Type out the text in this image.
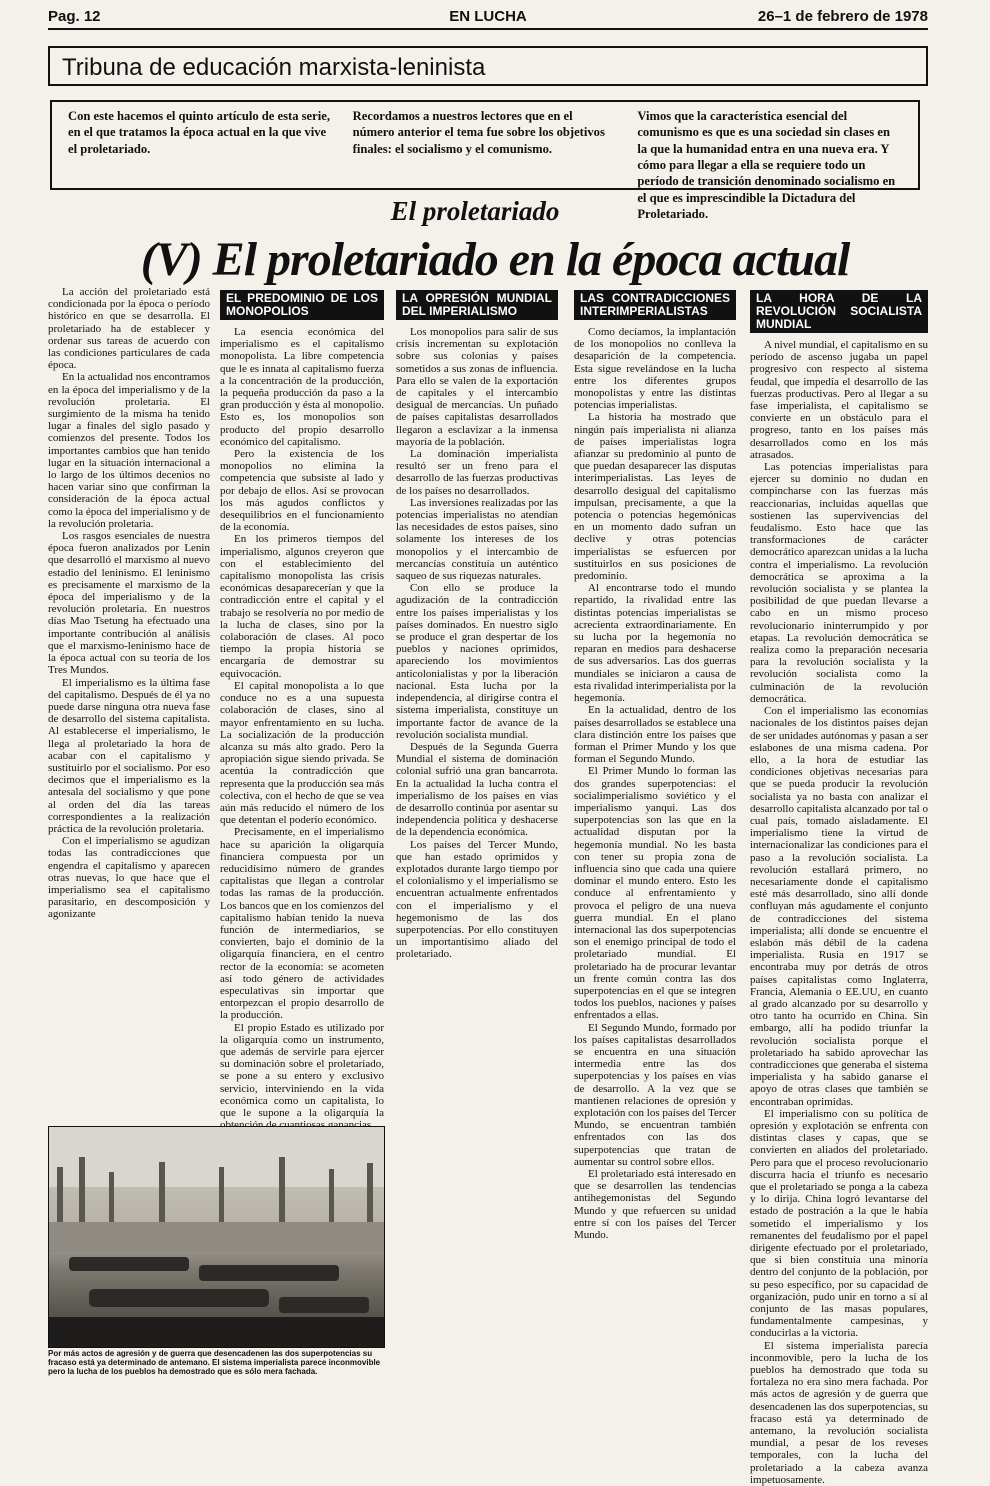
Pag. 12	EN LUCHA	26–1 de febrero de 1978
Tribuna de educación marxista-leninista

Con este hacemos el quinto artículo de esta serie, en el que tratamos la época actual en la que vive el proletariado.

Recordamos a nuestros lectores que en el número anterior el tema fue sobre los objetivos finales: el socialismo y el comunismo.

Vimos que la característica esencial del comunismo es que es una sociedad sin clases en la que la humanidad entra en una nueva era. Y cómo para llegar a ella se requiere todo un período de transición denominado socialismo en el que es imprescindible la Dictadura del Proletariado.

El proletariado
(V) El proletariado en la época actual

La acción del proletariado está condicionada por la época o período histórico en que se desarrolla. El proletariado ha de establecer y ordenar sus tareas de acuerdo con las condiciones particulares de cada época.

En la actualidad nos encontramos en la época del imperialismo y de la revolución proletaria. El surgimiento de la misma ha tenido lugar a finales del siglo pasado y comienzos del presente. Todos los importantes cambios que han tenido lugar en la situación internacional a lo largo de los últimos decenios no hacen variar sino que confirman la consideración de la época actual como la época del imperialismo y de la revolución proletaria.

Los rasgos esenciales de nuestra época fueron analizados por Lenin que desarrolló el marxismo al nuevo estadio del leninismo. El leninismo es precisamente el marxismo de la época del imperialismo y de la revolución proletaria. En nuestros días Mao Tsetung ha efectuado una importante contribución al análisis que el marxismo-leninismo hace de la época actual con su teoría de los Tres Mundos.

El imperialismo es la última fase del capitalismo. Después de él ya no puede darse ninguna otra nueva fase de desarrollo del sistema capitalista. Al establecerse el imperialismo, le llega al proletariado la hora de acabar con el capitalismo y sustituirlo por el socialismo. Por eso decimos que el imperialismo es la antesala del socialismo y que pone al orden del día las tareas correspondientes a la realización práctica de la revolución proletaria.

Con el imperialismo se agudizan todas las contradicciones que engendra el capitalismo y aparecen otras nuevas, lo que hace que el imperialismo sea el capitalismo parasitario, en descomposición y agonizante

EL PREDOMINIO DE LOS MONOPOLIOS

La esencia económica del imperialismo es el capitalismo monopolista. La libre competencia que le es innata al capitalismo fuerza a la concentración de la producción, la pequeña producción da paso a la gran producción y ésta al monopolio. Esto es, los monopolios son producto del propio desarrollo económico del capitalismo.

Pero la existencia de los monopolios no elimina la competencia que subsiste al lado y por debajo de ellos. Así se provocan los más agudos conflictos y desequilibrios en el funcionamiento de la economía.

En los primeros tiempos del imperialismo, algunos creyeron que con el establecimiento del capitalismo monopolista las crisis económicas desaparecerían y que la contradicción entre el capital y el trabajo se resolvería no por medio de la lucha de clases, sino por la colaboración de clases. Al poco tiempo la propia historia se encargaría de demostrar su equivocación.

El capital monopolista a lo que conduce no es a una supuesta colaboración de clases, sino al mayor enfrentamiento en su lucha. La socialización de la producción alcanza su más alto grado. Pero la apropiación sigue siendo privada. Se acentúa la contradicción que representa que la producción sea más colectiva, con el hecho de que se vea aún más reducido el número de los que detentan el poderío económico.

Precisamente, en el imperialismo hace su aparición la oligarquía financiera compuesta por un reducidísimo número de grandes capitalistas que llegan a controlar todas las ramas de la producción. Los bancos que en los comienzos del capitalismo habían tenido la nueva función de intermediarios, se convierten, bajo el dominio de la oligarquía financiera, en el centro rector de la economía: se acometen así todo género de actividades especulativas sin importar que entorpezcan el propio desarrollo de la producción.

El propio Estado es utilizado por la oligarquía como un instrumento, que además de servirle para ejercer su dominación sobre el proletariado, se pone a su entero y exclusivo servicio, interviniendo en la vida económica como un capitalista, lo que le supone a la oligarquía la

LA OPRESIÓN MUNDIAL DEL IMPERIALISMO

Los monopolios para salir de sus crisis incrementan su explotación sobre sus colonias y países sometidos a sus zonas de influencia. Para ello se valen de la exportación de capitales y el intercambio desigual de mercancías. Un puñado de países capitalistas desarrollados llegaron a esclavizar a la inmensa mayoría de la población.

La dominación imperialista resultó ser un freno para el desarrollo de las fuerzas productivas de los países no desarrollados.

Las inversiones realizadas por las potencias imperialistas no atendían las necesidades de estos países, sino solamente los intereses de los monopolios y el intercambio de mercancías constituía un auténtico saqueo de sus riquezas naturales.

Con ello se produce la agudización de la contradicción entre los países imperialistas y los países dominados. En nuestro siglo se produce el gran despertar de los pueblos y naciones oprimidos, apareciendo los movimientos anticolonialistas y por la liberación nacional. Esta lucha por la independencia, al dirigirse contra el sistema imperialista, constituye un importante factor de avance de la revolución socialista mundial.

Después de la Segunda Guerra Mundial el sistema de dominación colonial sufrió una gran bancarrota. En la actualidad la lucha contra el imperialismo de los países en vías de desarrollo continúa por asentar su independencia política y deshacerse de la dependencia económica.

Los países del Tercer Mundo, que han estado oprimidos y explotados durante largo tiempo por el colonialismo y el imperialismo se encuentran actualmente enfrentados con el imperialismo y el hegemonismo de las dos superpotencias. Por ello constituyen un importantísimo aliado del proletariado.

LAS CONTRADICCIONES INTERIMPERIALISTAS

Como decíamos, la implantación de los monopolios no conlleva la desaparición de la competencia. Esta sigue revelándose en la lucha entre los diferentes grupos monopolistas y entre las distintas potencias imperialistas.

La historia ha mostrado que ningún país imperialista ni alianza de países imperialistas logra afianzar su predominio al punto de que puedan desaparecer las disputas interimperialistas. Las leyes de desarrollo desigual del capitalismo impulsan, precisamente, a que la potencia o potencias hegemónicas en un momento dado sufran un declive y otras potencias imperialistas se esfuercen por sustituirlos en sus posiciones de predominio.

Al encontrarse todo el mundo repartido, la rivalidad entre las distintas potencias imperialistas se acrecienta extraordinariamente. En su lucha por la hegemonía no reparan en medios para deshacerse de sus adversarios. Las dos guerras mundiales se iniciaron a causa de esta rivalidad interimperialista por la hegemonía.

En la actualidad, dentro de los países desarrollados se establece una clara distinción entre los países que forman el Primer Mundo y los que forman el Segundo Mundo.

El Primer Mundo lo forman las dos grandes superpotencias: el socialimperialismo soviético y el imperialismo yanqui. Las dos superpotencias son las que en la actualidad disputan por la hegemonía mundial. No les basta con tener su propia zona de influencia sino que cada una quiere dominar el mundo entero. Esto les conduce al enfrentamiento y provoca el peligro de una nueva guerra mundial. En el plano internacional las dos superpotencias son el enemigo principal de todo el proletariado mundial. El proletariado ha de procurar levantar un frente común contra las dos superpotencias en el que se integren todos los pueblos, naciones y países enfrentados a ellas.

El Segundo Mundo, formado por los países capitalistas desarrollados se encuentra en una situación intermedia entre las dos superpotencias y los países en vías de desarrollo. A la vez que se mantienen relaciones de opresión y explotación con los países del Tercer Mundo, se encuentran también enfrentados con las dos superpotencias que tratan de aumentar su control sobre ellos.

El proletariado está interesado en que se desarrollen las tendencias antihegemonistas del Segundo Mundo y que refuercen su unidad entre sí con los países del Tercer Mundo.

LA HORA DE LA REVOLUCIÓN SOCIALISTA MUNDIAL

A nivel mundial, el capitalismo en su período de ascenso jugaba un papel progresivo con respecto al sistema feudal, que impedía el desarrollo de las fuerzas productivas. Pero al llegar a su fase imperialista, el capitalismo se convierte en un obstáculo para el progreso, tanto en los países más desarrollados como en los más atrasados.

Las potencias imperialistas para ejercer su dominio no dudan en compincharse con las fuerzas más reaccionarias, incluidas aquellas que sostienen las supervivencias del feudalismo. Esto hace que las transformaciones de carácter democrático aparezcan unidas a la lucha contra el imperialismo. La revolución democrática se aproxima a la revolución socialista y se plantea la posibilidad de que puedan llevarse a cabo en un mismo proceso revolucionario ininterrumpido y por etapas. La revolución democrática se realiza como la preparación necesaria para la revolución socialista y la revolución socialista como la culminación de la revolución democrática.

Con el imperialismo las economías nacionales de los distintos países dejan de ser unidades autónomas y pasan a ser eslabones de una misma cadena. Por ello, a la hora de estudiar las condiciones objetivas necesarias para que se pueda producir la revolución socialista ya no basta con analizar el desarrollo capitalista alcanzado por tal o cual país, tomado aisladamente. El imperialismo tiene la virtud de internacionalizar las condiciones para el paso a la revolución socialista. La revolución estallará primero, no necesariamente donde el capitalismo esté más desarrollado, sino allí donde confluyan más agudamente el conjunto de contradicciones del sistema imperialista; allí donde se encuentre el eslabón más débil de la cadena imperialista. Rusia en 1917 se encontraba muy por detrás de otros países capitalistas como Inglaterra, Francia, Alemania o EE.UU, en cuanto al grado alcanzado por su desarrollo y otro tanto ha ocurrido en China. Sin embargo, allí ha podido triunfar la revolución socialista porque el proletariado ha sabido aprovechar las contradicciones que generaba el sistema imperialista y ha sabido ganarse el apoyo de otras clases que también se encontraban oprimidas.

El imperialismo con su política de opresión y explotación se enfrenta con distintas clases y capas, que se convierten en aliados del proletariado. Pero para que el proceso revolucionario discurra hacia el triunfo es necesario que el proletariado se ponga a la cabeza y lo dirija. China logró levantarse del estado de postración a la que le había sometido el imperialismo y los remanentes del feudalismo por el papel dirigente efectuado por el proletariado, que si bien constituía una minoría dentro del conjunto de la población, por su peso específico, por su capacidad de organización, pudo unir en torno a sí al conjunto de las masas populares, fundamentalmente campesinas, y conducirlas a la victoria.

El sistema imperialista parecía inconmovible, pero la lucha de los pueblos ha demostrado que toda su fortaleza no era sino mera fachada. Por más actos de agresión y de guerra que desencadenen las dos superpotencias, su fracaso está ya determinado de antemano, la revolución socialista mundial, a pesar de los reveses temporales, con la lucha del proletariado a la cabeza avanza impetuosamente.

Por más actos de agresión y de guerra que desencadenen las dos superpotencias su fracaso está ya determinado de antemano. El sistema imperialista parece inconmovible pero la lucha de los pueblos ha demostrado que es sólo mera fachada.
